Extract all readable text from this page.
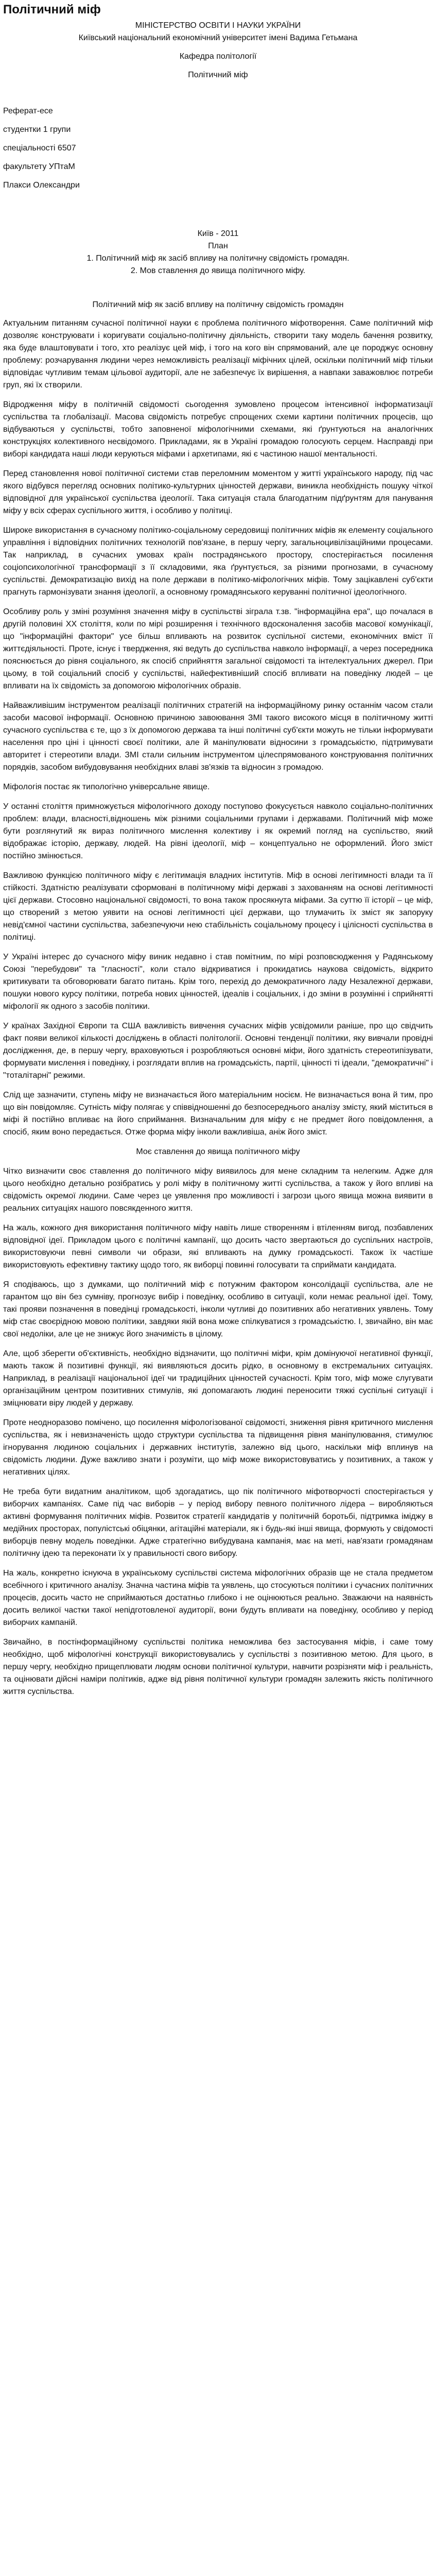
Політичний міф

МІНІСТЕРСТВО ОСВІТИ І НАУКИ УКРАЇНИ

Київський національний економічний університет імені Вадима Гетьмана

Кафедра політології

Політичний міф

Реферат-есе

студентки 1 групи

спеціальності 6507

факультету УПтаМ

Плакси Олександри

Київ - 2011

План

1. Політичний міф як засіб впливу на політичну свідомість громадян.
2. Мов ставлення до явища політичного міфу.

Політичний міф як засіб впливу на політичну свідомість громадян

Актуальним питанням сучасної політичної науки є проблема політичного міфотворення. Саме політичний міф дозволяє конструювати і коригувати соціально-політичну діяльність, створити таку модель бачення розвитку, яка буде влаштовувати і того, хто реалізує цей міф, і того на кого він спрямований, але це породжує основну проблему: розчарування людини через неможливість реалізації міфічних цілей, оскільки політичний міф тільки відповідає чутливим темам цільової аудиторії, але не забезпечує їх вирішення, а навпаки заважовлює потреби груп, які їх створили.

Відродження міфу в політичній свідомості сьогодення зумовлено процесом інтенсивної інформатизації суспільства та глобалізації. Масова свідомість потребує спрощених схеми картини політичних процесів, що відбуваються у суспільстві, тобто заповненої міфологічними схемами, які ґрунтуються на аналогічних конструкціях колективного несвідомого. Прикладами, як в Україні громадою голосують серцем. Насправді при виборі кандидата наші люди керуються міфами і архетипами, які є частиною нашої ментальності.

Перед становлення нової політичної системи став переломним моментом у житті українського народу, під час якого відбувся перегляд основних політико-культурних цінностей держави, виникла необхідність пошуку чіткої відповідної для української суспільства ідеології. Така ситуація стала благодатним підґрунтям для панування міфу у всіх сферах суспільного життя, і особливо у політиці.

Широке використання в сучасному політико-соціальному середовищі політичних міфів як елементу соціального управління і відповідних політичних технологій пов'язане, в першу чергу, загальноцивілізаційними процесами. Так наприклад, в сучасних умовах країн пострадянського простору, спостерігається посилення соціопсихологічної трансформації з її складовими, яка ґрунтується, за різними прогнозами, в сучасному суспільстві. Демократизацію вихід на поле держави в політико-міфологічних міфів. Тому зацікавлені суб'єкти прагнуть гармонізувати знання ідеології, а основному громадянського керуванні політичної ідеологічного.

Особливу роль у зміні розуміння значення міфу в суспільстві зіграла т.зв. "інформаційна ера", що почалася в другій половині ХХ століття, коли по мірі розширення і технічного вдосконалення засобів масової комунікації, що "інформаційні фактори" усе більш впливають на розвиток суспільної системи, економічних вміст її життєдіяльності. Проте, існує і твердження, які ведуть до суспільства навколо інформації, а через посередника пояснюється до рівня соціального, як спосіб сприйняття загальної свідомості та інтелектуальних джерел. При цьому, в той соціальний спосіб у суспільстві, найефективніший спосіб впливати на поведінку людей – це впливати на їх свідомість за допомогою міфологічних образів.

Найважливішим інструментом реалізації політичних стратегій на інформаційному ринку останнім часом стали засоби масової інформації. Основною причиною завоювання ЗМІ такого високого місця в політичному житті сучасного суспільства є те, що з їх допомогою держава та інші політичні суб'єкти можуть не тільки інформувати населення про ціні і цінності своєї політики, але й маніпулювати відносини з громадськістю, підтримувати авторитет і стереотипи влади. ЗМІ стали сильним інструментом цілеспрямованого конструювання політичних порядків, засобом вибудовування необхідних влаві зв'язків та відносин з громадою.

Міфологія постає як типологічно універсальне явище.

У останні століття примножується міфологічного доходу поступово фокусується навколо соціально-політичних проблем: влади, власності,відношень між різними соціальними групами і державами. Політичний міф може бути розглянутий як вираз політичного мислення колективу і як окремий погляд на суспільство, який відображає історію, державу, людей. На рівні ідеології, міф – концептуально не оформлений. Його зміст постійно змінюється.

Важливою функцією політичного міфу є легітимація владних інститутів. Міф в основі легітимності влади та її стійкості. Здатністю реалізувати сформовані в політичному міфі державі з захованням на основі легітимності цієї держави. Стосовно національної свідомості, то вона також просякнута міфами. За суттю її історії – це міф, що створений з метою уявити на основі легітимності цієї держави, що тлумачить їх зміст як запоруку невід'ємної частини суспільства, забезпечуючи нею стабільність соціальному процесу і цілісності суспільства в політиці.

У Україні інтерес до сучасного міфу виник недавно і став помітним, по мірі розповсюдження у Радянському Союзі "перебудови" та "гласності", коли стало відкриватися і прокидатись наукова свідомість, відкрито критикувати та обговорювати багато питань. Крім того, перехід до демократичного ладу Незалежної держави, пошуки нового курсу політики, потреба нових цінностей, ідеалів і соціальних, і до зміни в розумінні і сприйнятті міфології як одного з засобів політики.

У країнах Західної Європи та США важливість вивчення сучасних міфів усвідомили раніше, про що свідчить факт появи великої кількості досліджень в області політології. Основні тенденції політики, яку вивчали провідні дослідження, де, в першу чергу, враховуються і розробляються основні міфи, його здатність стереотипізувати, формувати мислення і поведінку, і розглядати вплив на громадськість, партії, цінності ті ідеали, "демократичні" і "тоталітарні" режими.

Слід ще зазначити, ступень міфу не визначається його матеріальним носієм. Не визначається вона й тим, про що він повідомляє. Сутність міфу полягає у співвідношенні до безпосереднього аналізу змісту, який міститься в міфі й постійно впливає на його сприймання. Визначальним для міфу є не предмет його повідомлення, а спосіб, яким воно передається. Отже форма міфу інколи важливіша, аніж його зміст.

Моє ставлення до явища політичного міфу

Чітко визначити своє ставлення до політичного міфу виявилось для мене складним та нелегким. Адже для цього необхідно детально розібратись у ролі міфу в політичному житті суспільства, а також у його впливі на свідомість окремої людини. Саме через це уявлення про можливості і загрози цього явища можна виявити в реальних ситуаціях нашого повсякденного життя.

На жаль, кожного дня використання політичного міфу навіть лише створенням і втіленням вигод, позбавлених відповідної ідеї. Прикладом цього є політичні кампанії, що досить часто звертаються до суспільних настроїв, використовуючи певні символи чи образи, які впливають на думку громадськості. Також їх частіше використовують ефективну тактику щодо того, як виборці повинні голосувати та сприймати кандидата.

Я сподіваюсь, що з думками, що політичний міф є потужним фактором консолідації суспільства, але не гарантом що він без сумніву, прогнозує вибір і поведінку, особливо в ситуації, коли немає реальної ідеї. Тому, такі прояви позначення в поведінці громадськості, інколи чутливі до позитивних або негативних уявлень. Тому міф стає своєрідною мовою політики, завдяки якій вона може спілкуватися з громадськістю. І, звичайно, він має свої недоліки, але це не знижує його значимість в цілому.

Але, щоб зберегти об'єктивність, необхідно відзначити, що політичні міфи, крім домінуючої негативної функції, мають також й позитивні функції, які виявляються досить рідко, в основному в екстремальних ситуаціях. Наприклад, в реалізації національної ідеї чи традиційних цінностей сучасності. Крім того, міф може слугувати організаційним центром позитивних стимулів, які допомагають людині переносити тяжкі суспільні ситуації і зміцнювати віру людей у державу.

Проте неодноразово помічено, що посилення міфологізованої свідомості, зниження рівня критичного мислення суспільства, як і невизначеність щодо структури суспільства та підвищення рівня маніпулювання, стимулює ігнорування людиною соціальних і державних інститутів, залежно від цього, наскільки міф вплинув на свідомість людини. Дуже важливо знати і розуміти, що міф може використовуватись у позитивних, а також у негативних цілях.

Не треба бути видатним аналітиком, щоб здогадатись, що пік політичного міфотворчості спостерігається у виборчих кампаніях. Саме під час виборів – у період вибору певного політичного лідера – виробляються активні формування політичних міфів. Розвиток стратегії кандидатів у політичній боротьбі, підтримка іміджу в медійних просторах, популістські обіцянки, агітаційні матеріали, як і будь-які інші явища, формують у свідомості виборців певну модель поведінки. Адже стратегічно вибудувана кампанія, має на меті, нав'язати громадянам політичну ідею та переконати їх у правильності свого вибору.

На жаль, конкретно існуюча в українському суспільстві система міфологічних образів ще не стала предметом всебічного і критичного аналізу. Значна частина міфів та уявлень, що стосуються політики і сучасних політичних процесів, досить часто не сприймаються достатньо глибоко і не оцінюються реально. Зважаючи на наявність досить великої частки такої непідготовленої аудиторії, вони будуть впливати на поведінку, особливо у період виборчих кампаній.

Звичайно, в постінформаційному суспільстві політика неможлива без застосування міфів, і саме тому необхідно, щоб міфологічні конструкції використовувались у суспільстві з позитивною метою. Для цього, в першу чергу, необхідно прищеплювати людям основи політичної культури, навчити розрізняти міф і реальність, та оцінювати дійсні наміри політиків, адже від рівня політичної культури громадян залежить якість політичного життя суспільства.
